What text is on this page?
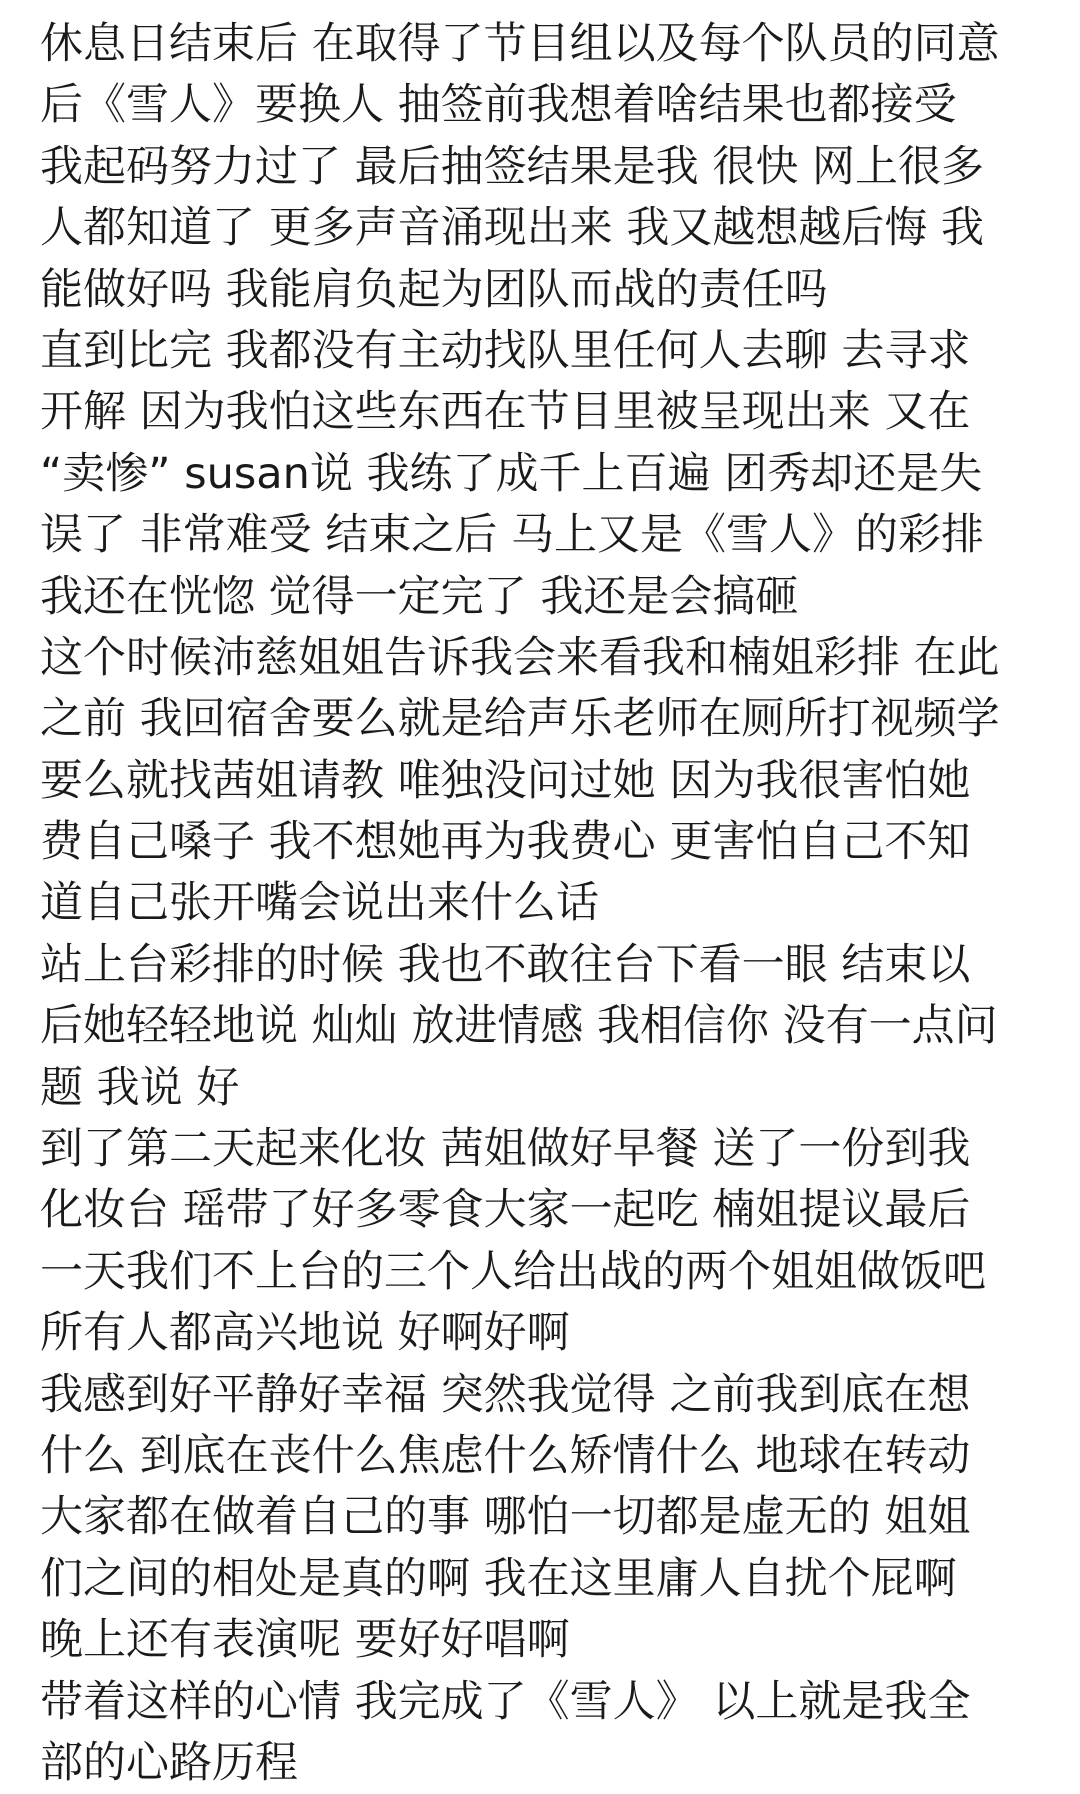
休息日结束后 在取得了节目组以及每个队员的同意
后《雪人》要换人 抽签前我想着啥结果也都接受
我起码努力过了 最后抽签结果是我 很快 网上很多
人都知道了 更多声音涌现出来 我又越想越后悔 我
能做好吗 我能肩负起为团队而战的责任吗
直到比完 我都没有主动找队里任何人去聊 去寻求
开解 因为我怕这些东西在节目里被呈现出来 又在
“卖惨” susan说 我练了成千上百遍 团秀却还是失
误了 非常难受 结束之后 马上又是《雪人》的彩排
我还在恍惚 觉得一定完了 我还是会搞砸
这个时候沛慈姐姐告诉我会来看我和楠姐彩排 在此
之前 我回宿舍要么就是给声乐老师在厕所打视频学
要么就找茜姐请教 唯独没问过她 因为我很害怕她
费自己嗓子 我不想她再为我费心 更害怕自己不知
道自己张开嘴会说出来什么话
站上台彩排的时候 我也不敢往台下看一眼 结束以
后她轻轻地说 灿灿 放进情感 我相信你 没有一点问
题 我说 好
到了第二天起来化妆 茜姐做好早餐 送了一份到我
化妆台 瑶带了好多零食大家一起吃 楠姐提议最后
一天我们不上台的三个人给出战的两个姐姐做饭吧
所有人都高兴地说 好啊好啊
我感到好平静好幸福 突然我觉得 之前我到底在想
什么 到底在丧什么焦虑什么矫情什么 地球在转动
大家都在做着自己的事 哪怕一切都是虚无的 姐姐
们之间的相处是真的啊 我在这里庸人自扰个屁啊
晚上还有表演呢 要好好唱啊
带着这样的心情 我完成了《雪人》 以上就是我全
部的心路历程
